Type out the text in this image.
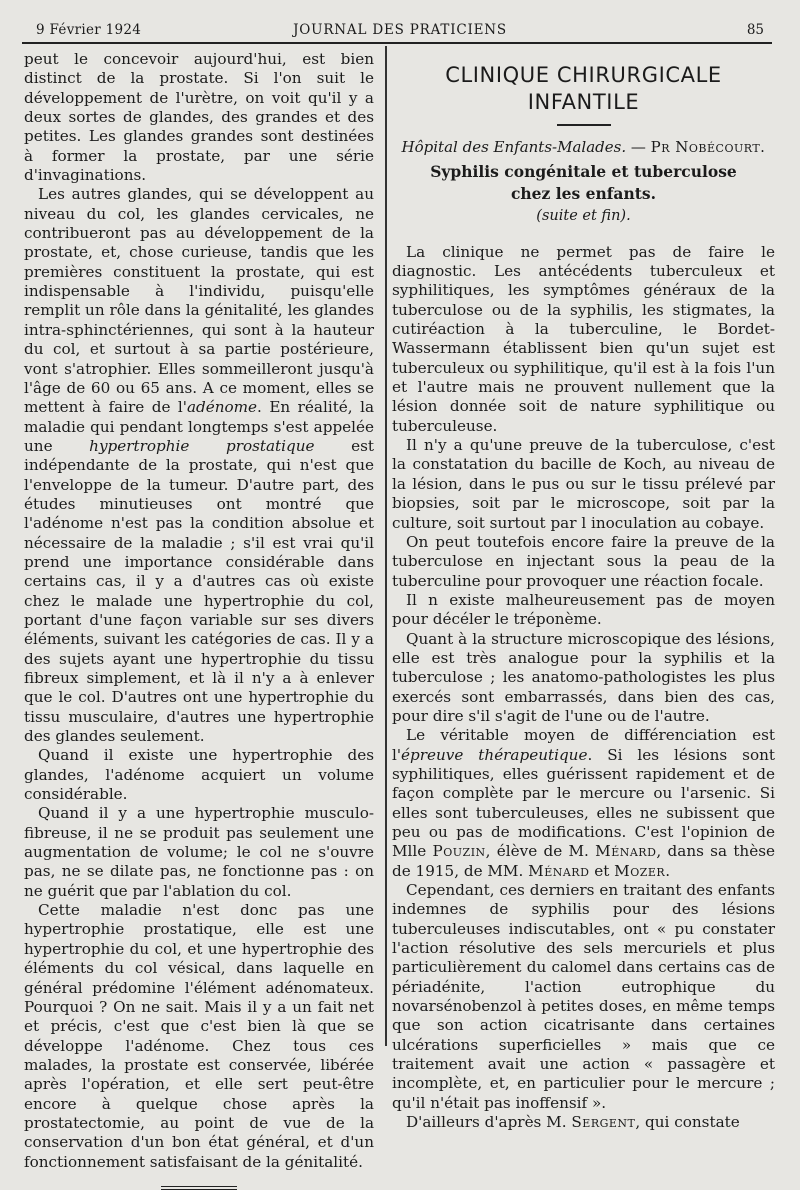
9 Février 1924	JOURNAL DES PRATICIENS	85

peut le concevoir aujourd'hui, est bien distinct de la prostate. Si l'on suit le développement de l'urètre, on voit qu'il y a deux sortes de glandes, des grandes et des petites. Les glandes grandes sont destinées à former la prostate, par une série d'invaginations.

Les autres glandes, qui se développent au niveau du col, les glandes cervicales, ne contribueront pas au développement de la prostate, et, chose curieuse, tandis que les premières constituent la prostate, qui est indispensable à l'individu, puisqu'elle remplit un rôle dans la génitalité, les glandes intra-sphinctériennes, qui sont à la hauteur du col, et surtout à sa partie postérieure, vont s'atrophier. Elles sommeilleront jusqu'à l'âge de 60 ou 65 ans. A ce moment, elles se mettent à faire de l'adénome. En réalité, la maladie qui pendant longtemps s'est appelée une hypertrophie prostatique est indépendante de la prostate, qui n'est que l'enveloppe de la tumeur. D'autre part, des études minutieuses ont montré que l'adénome n'est pas la condition absolue et nécessaire de la maladie ; s'il est vrai qu'il prend une importance considérable dans certains cas, il y a d'autres cas où existe chez le malade une hypertrophie du col, portant d'une façon variable sur ses divers éléments, suivant les catégories de cas. Il y a des sujets ayant une hypertrophie du tissu fibreux simplement, et là il n'y a à enlever que le col. D'autres ont une hypertrophie du tissu musculaire, d'autres une hypertrophie des glandes seulement.

Quand il existe une hypertrophie des glandes, l'adénome acquiert un volume considérable.

Quand il y a une hypertrophie musculo-fibreuse, il ne se produit pas seulement une augmentation de volume; le col ne s'ouvre pas, ne se dilate pas, ne fonctionne pas : on ne guérit que par l'ablation du col.

Cette maladie n'est donc pas une hypertrophie prostatique, elle est une hypertrophie du col, et une hypertrophie des éléments du col vésical, dans laquelle en général prédomine l'élément adénomateux. Pourquoi ? On ne sait. Mais il y a un fait net et précis, c'est que c'est bien là que se développe l'adénome. Chez tous ces malades, la prostate est conservée, libérée après l'opération, et elle sert peut-être encore à quelque chose après la prostatectomie, au point de vue de la conservation d'un bon état général, et d'un fonctionnement satisfaisant de la génitalité.

CLINIQUE CHIRURGICALE
INFANTILE
Hôpital des Enfants-Malades. — Pr Nobécourt.
Syphilis congénitale et tuberculose
chez les enfants.
(suite et fin).

La clinique ne permet pas de faire le diagnostic. Les antécédents tuberculeux et syphilitiques, les symptômes généraux de la tuberculose ou de la syphilis, les stigmates, la cutiréaction à la tuberculine, le Bordet-Wassermann établissent bien qu'un sujet est tuberculeux ou syphilitique, qu'il est à la fois l'un et l'autre mais ne prouvent nullement que la lésion donnée soit de nature syphilitique ou tuberculeuse.

Il n'y a qu'une preuve de la tuberculose, c'est la constatation du bacille de Koch, au niveau de la lésion, dans le pus ou sur le tissu prélevé par biopsies, soit par le microscope, soit par la culture, soit surtout par l inoculation au cobaye.

On peut toutefois encore faire la preuve de la tuberculose en injectant sous la peau de la tuberculine pour provoquer une réaction focale.

Il n existe malheureusement pas de moyen pour décéler le tréponème.

Quant à la structure microscopique des lésions, elle est très analogue pour la syphilis et la tuberculose ; les anatomo-pathologistes les plus exercés sont embarrassés, dans bien des cas, pour dire s'il s'agit de l'une ou de l'autre.

Le véritable moyen de différenciation est l'épreuve thérapeutique. Si les lésions sont syphilitiques, elles guérissent rapidement et de façon complète par le mercure ou l'arsenic. Si elles sont tuberculeuses, elles ne subissent que peu ou pas de modifications. C'est l'opinion de Mlle Pouzin, élève de M. Ménard, dans sa thèse de 1915, de MM. Ménard et Mozer.

Cependant, ces derniers en traitant des enfants indemnes de syphilis pour des lésions tuberculeuses indiscutables, ont « pu constater l'action résolutive des sels mercuriels et plus particulièrement du calomel dans certains cas de périadénite, l'action eutrophique du novarsénobenzol à petites doses, en même temps que son action cicatrisante dans certaines ulcérations superficielles » mais que ce traitement avait une action « passagère et incomplète, et, en particulier pour le mercure ; qu'il n'était pas inoffensif ».

D'ailleurs d'après M. Sergent, qui constate
